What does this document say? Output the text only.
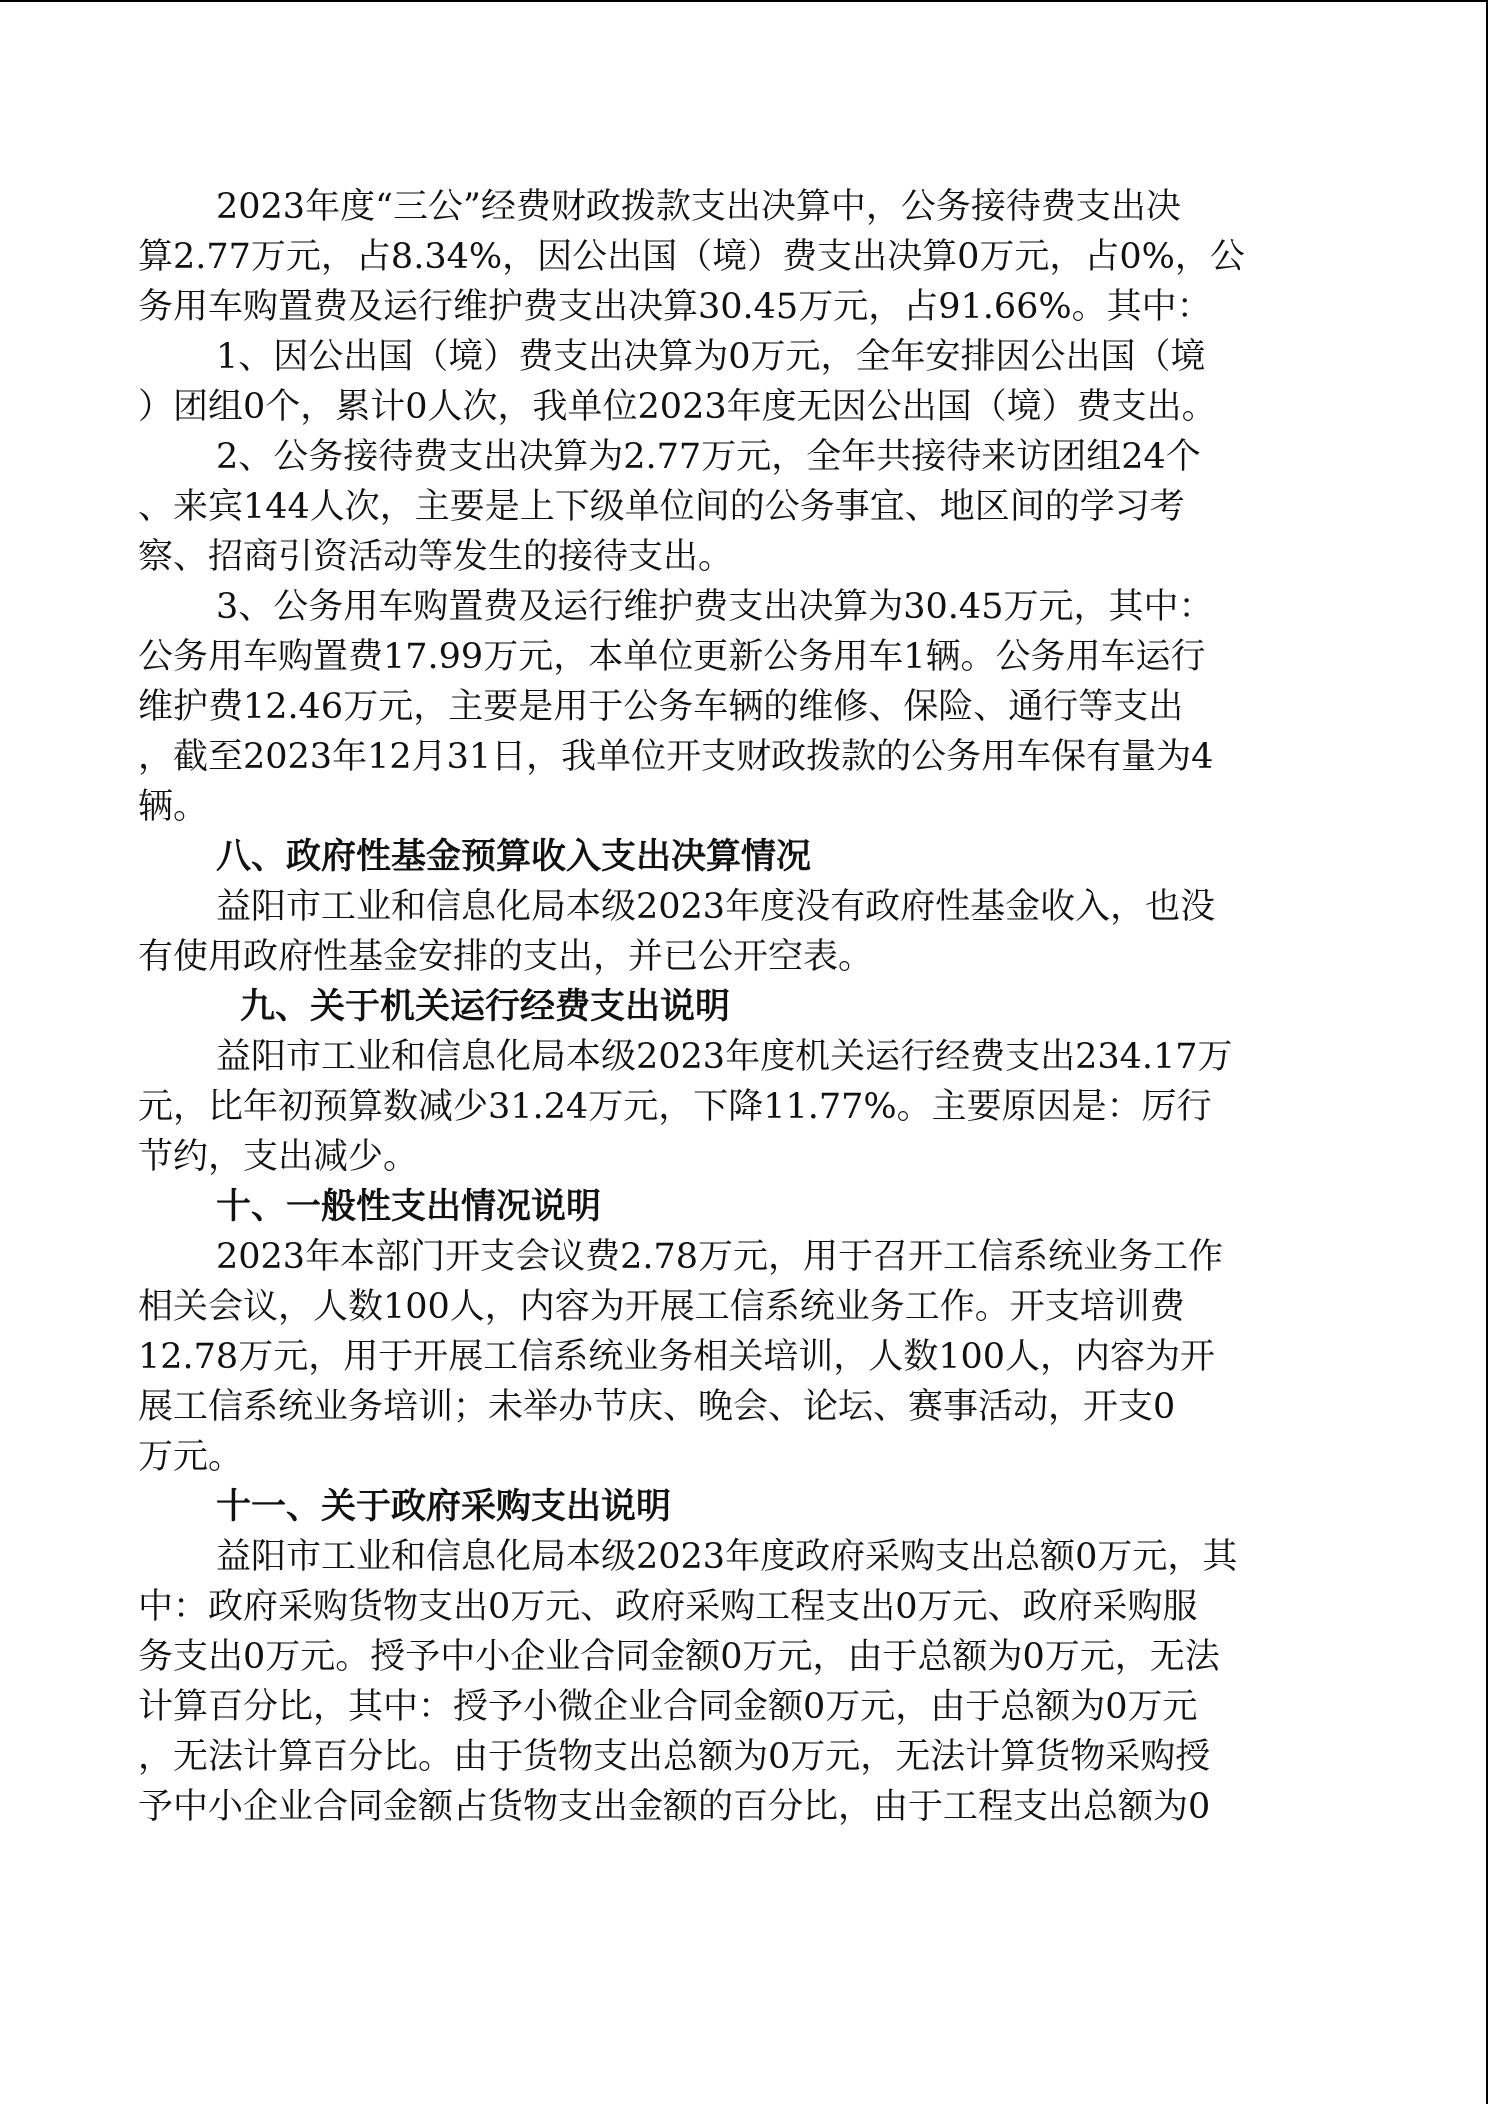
2023年度“三公”经费财政拨款支出决算中，公务接待费支出决
算2.77万元，占8.34%，因公出国（境）费支出决算0万元，占0%，公
务用车购置费及运行维护费支出决算30.45万元，占91.66%。其中：
1、因公出国（境）费支出决算为0万元，全年安排因公出国（境
）团组0个，累计0人次，我单位2023年度无因公出国（境）费支出。
2、公务接待费支出决算为2.77万元，全年共接待来访团组24个
、来宾144人次，主要是上下级单位间的公务事宜、地区间的学习考
察、招商引资活动等发生的接待支出。
3、公务用车购置费及运行维护费支出决算为30.45万元，其中：
公务用车购置费17.99万元，本单位更新公务用车1辆。公务用车运行
维护费12.46万元，主要是用于公务车辆的维修、保险、通行等支出
，截至2023年12月31日，我单位开支财政拨款的公务用车保有量为4
辆。
八、政府性基金预算收入支出决算情况
益阳市工业和信息化局本级2023年度没有政府性基金收入，也没
有使用政府性基金安排的支出，并已公开空表。
九、关于机关运行经费支出说明
益阳市工业和信息化局本级2023年度机关运行经费支出234.17万
元，比年初预算数减少31.24万元，下降11.77%。主要原因是：厉行
节约，支出减少。
十、一般性支出情况说明
2023年本部门开支会议费2.78万元，用于召开工信系统业务工作
相关会议，人数100人，内容为开展工信系统业务工作。开支培训费
12.78万元，用于开展工信系统业务相关培训，人数100人，内容为开
展工信系统业务培训；未举办节庆、晚会、论坛、赛事活动，开支0
万元。
十一、关于政府采购支出说明
益阳市工业和信息化局本级2023年度政府采购支出总额0万元，其
中：政府采购货物支出0万元、政府采购工程支出0万元、政府采购服
务支出0万元。授予中小企业合同金额0万元，由于总额为0万元，无法
计算百分比，其中：授予小微企业合同金额0万元，由于总额为0万元
，无法计算百分比。由于货物支出总额为0万元，无法计算货物采购授
予中小企业合同金额占货物支出金额的百分比，由于工程支出总额为0
